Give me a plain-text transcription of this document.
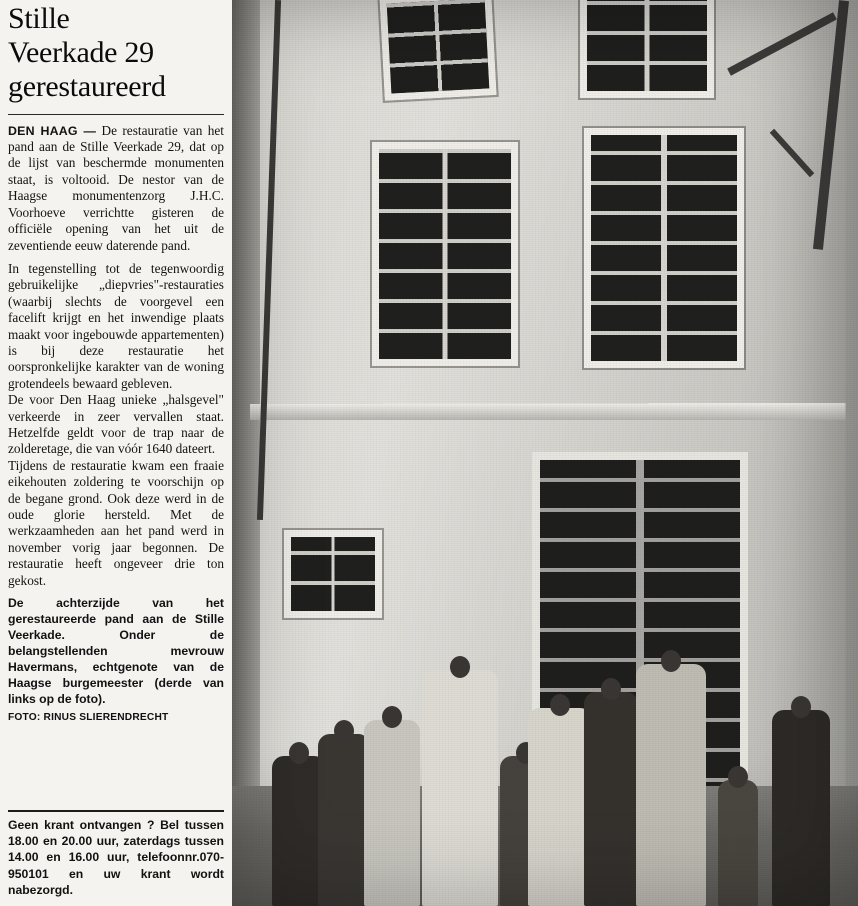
Stille
Veerkade 29
gerestaureerd

DEN HAAG — De restauratie van het pand aan de Stille Veerkade 29, dat op de lijst van beschermde monumenten staat, is voltooid. De nestor van de Haagse monumentenzorg J.H.C. Voorhoeve verrichtte gisteren de officiële opening van het uit de zeventiende eeuw daterende pand.

In tegenstelling tot de tegenwoordig gebruikelijke „diepvries"-restauraties (waarbij slechts de voorgevel een facelift krijgt en het inwendige plaats maakt voor ingebouwde appartementen) is bij deze restauratie het oorspronkelijke karakter van de woning grotendeels bewaard gebleven.

De voor Den Haag unieke „halsgevel" verkeerde in zeer vervallen staat. Hetzelfde geldt voor de trap naar de zolderetage, die van vóór 1640 dateert.

Tijdens de restauratie kwam een fraaie eikehouten zoldering te voorschijn op de begane grond. Ook deze werd in de oude glorie hersteld. Met de werkzaamheden aan het pand werd in november vorig jaar begonnen. De restauratie heeft ongeveer drie ton gekost.

De achterzijde van het gerestaureerde pand aan de Stille Veerkade. Onder de belangstellenden mevrouw Havermans, echtgenote van de Haagse burgemeester (derde van links op de foto).

FOTO: RINUS SLIERENDRECHT
Geen krant ontvangen ? Bel tussen 18.00 en 20.00 uur, zaterdags tussen 14.00 en 16.00 uur, telefoonnr.070-950101 en uw krant wordt nabezorgd.
